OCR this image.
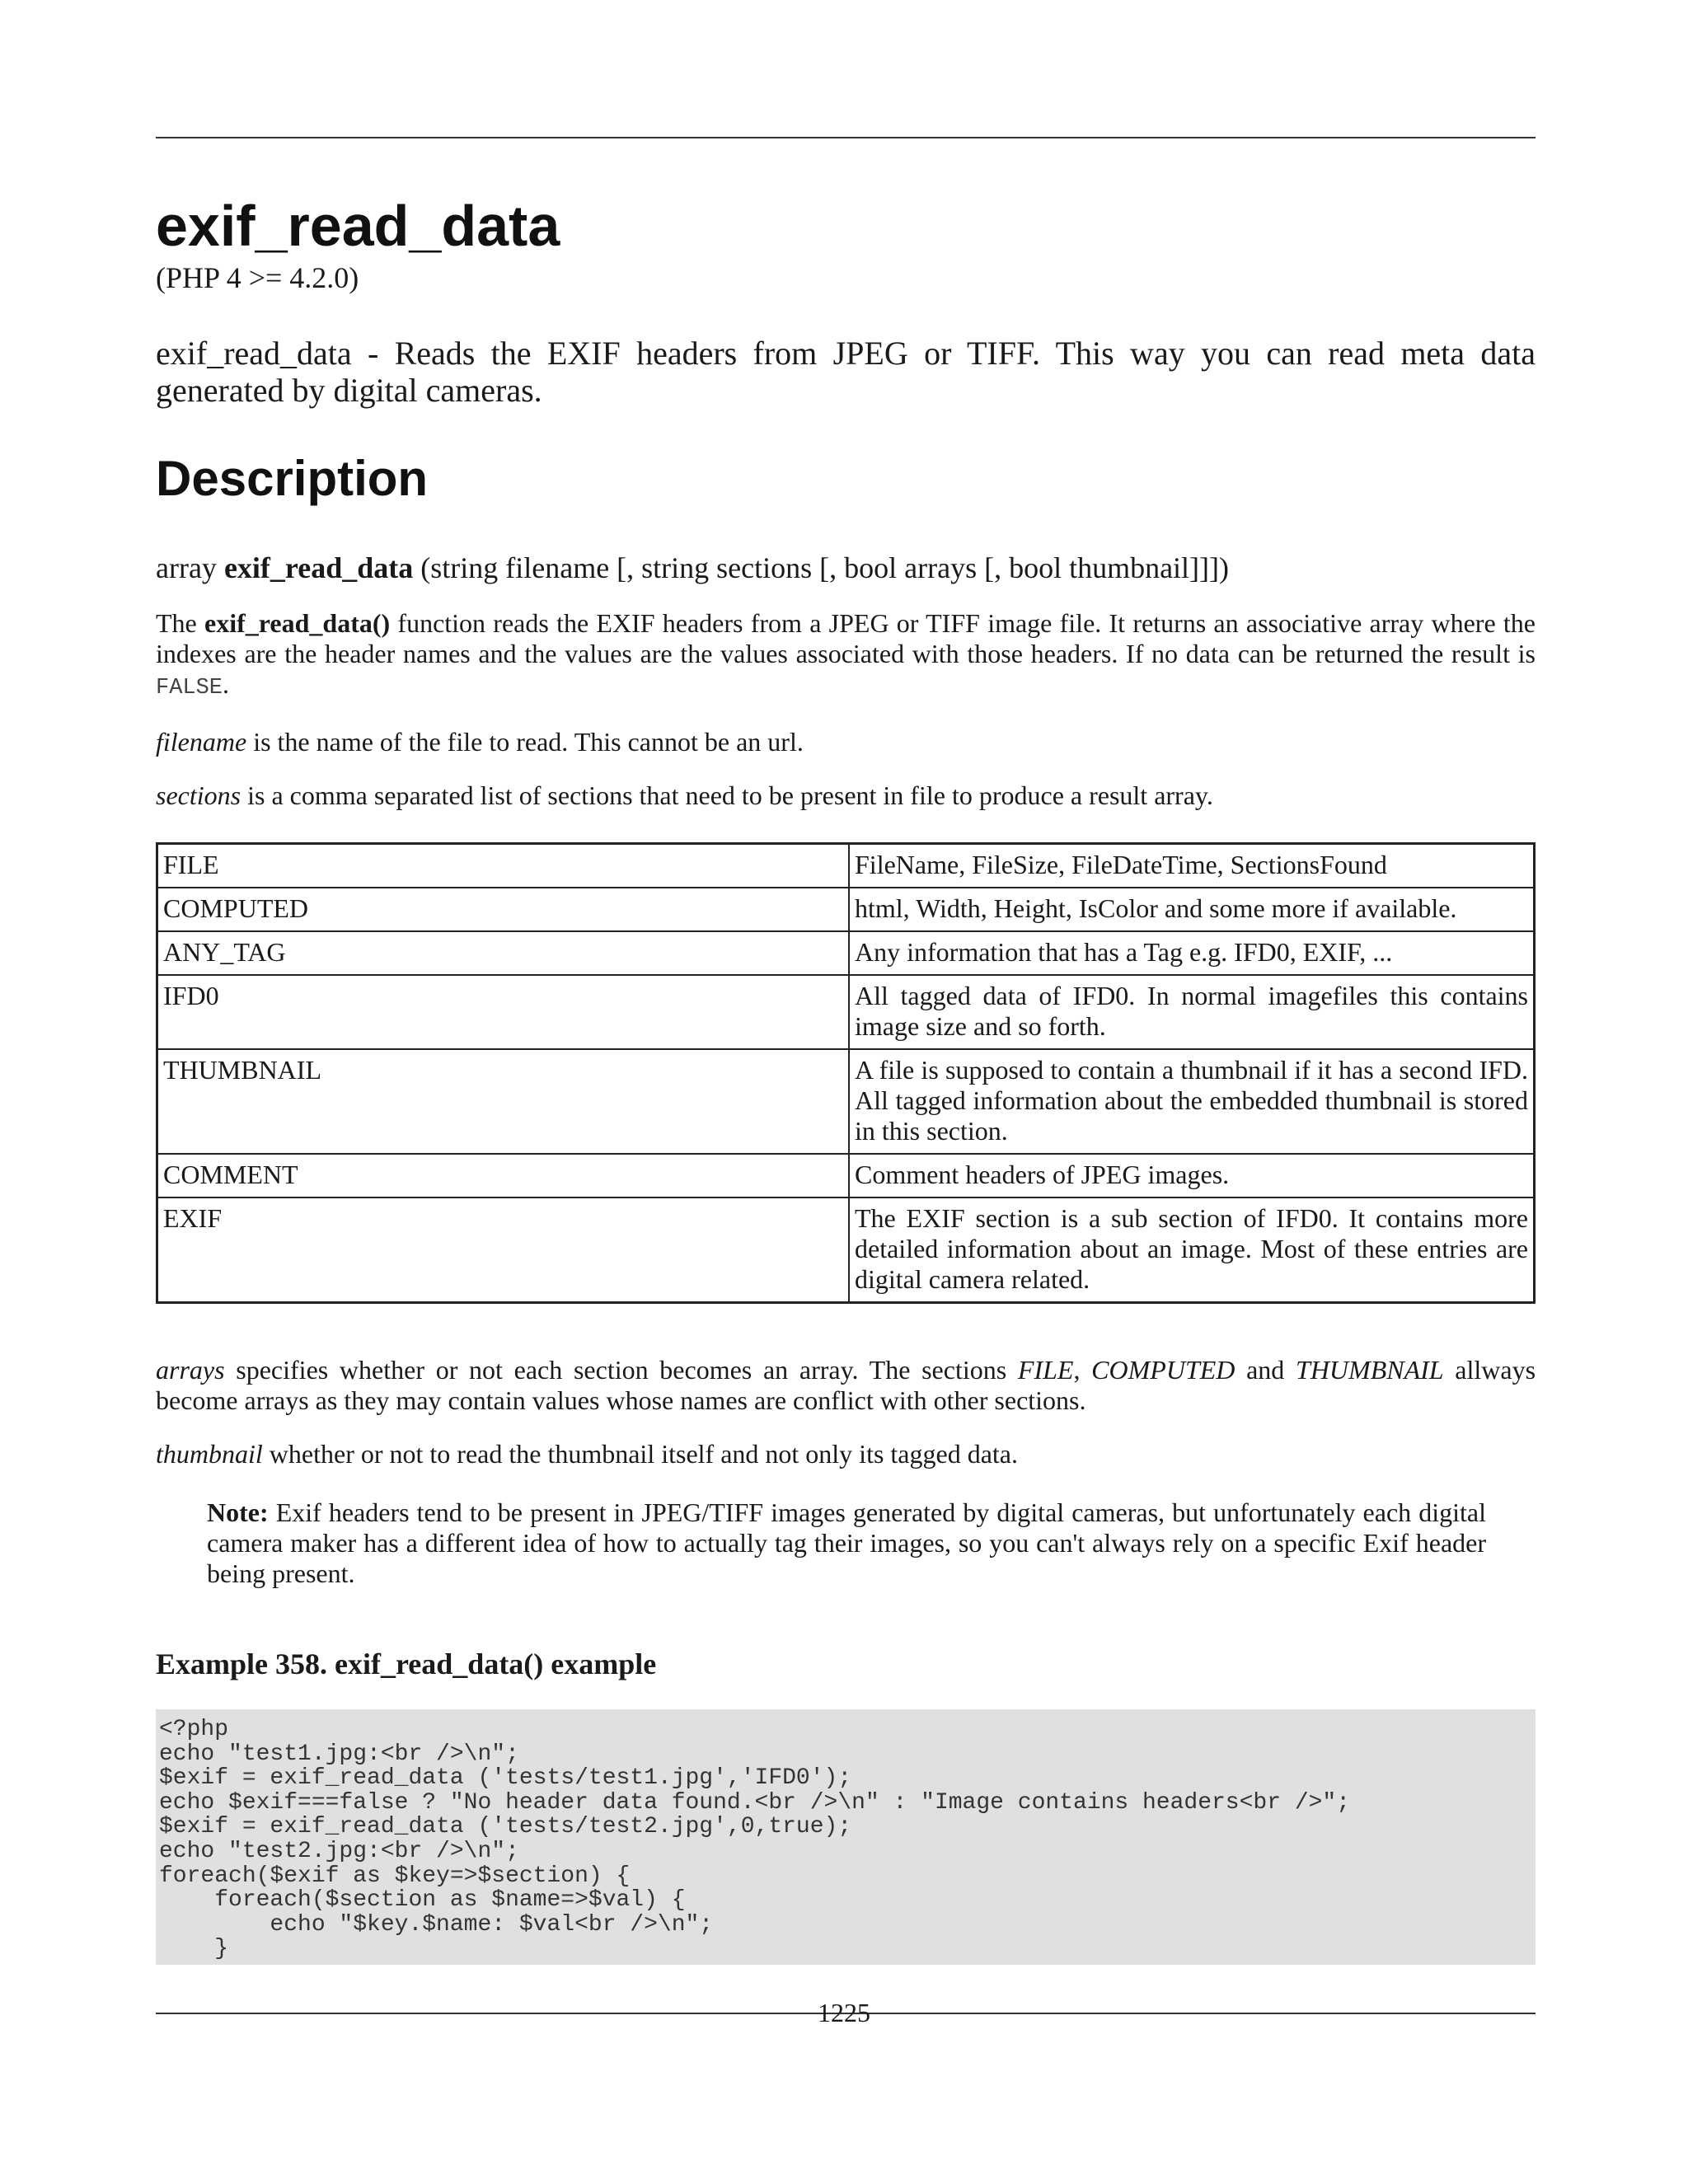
exif_read_data
(PHP 4 >= 4.2.0)

exif_read_data - Reads the EXIF headers from JPEG or TIFF. This way you can read meta data generated by digital cameras.

Description

array exif_read_data (string filename [, string sections [, bool arrays [, bool thumbnail]]])

The exif_read_data() function reads the EXIF headers from a JPEG or TIFF image file. It returns an associative array where the indexes are the header names and the values are the values associated with those headers. If no data can be returned the result is FALSE.

filename is the name of the file to read. This cannot be an url.

sections is a comma separated list of sections that need to be present in file to produce a result array.

FILE	FileName, FileSize, FileDateTime, SectionsFound
COMPUTED	html, Width, Height, IsColor and some more if available.
ANY_TAG	Any information that has a Tag e.g. IFD0, EXIF, ...
IFD0	All tagged data of IFD0. In normal imagefiles this contains image size and so forth.
THUMBNAIL	A file is supposed to contain a thumbnail if it has a second IFD. All tagged information about the embedded thumbnail is stored in this section.
COMMENT	Comment headers of JPEG images.
EXIF	The EXIF section is a sub section of IFD0. It contains more detailed information about an image. Most of these entries are digital camera related.

arrays specifies whether or not each section becomes an array. The sections FILE, COMPUTED and THUMBNAIL allways become arrays as they may contain values whose names are conflict with other sections.

thumbnail whether or not to read the thumbnail itself and not only its tagged data.

Note: Exif headers tend to be present in JPEG/TIFF images generated by digital cameras, but unfortunately each digital camera maker has a different idea of how to actually tag their images, so you can't always rely on a specific Exif header being present.
Example 358. exif_read_data() example
<?php
echo "test1.jpg:<br />\n";
$exif = exif_read_data ('tests/test1.jpg','IFD0');
echo $exif===false ? "No header data found.<br />\n" : "Image contains headers<br />";
$exif = exif_read_data ('tests/test2.jpg',0,true);
echo "test2.jpg:<br />\n";
foreach($exif as $key=>$section) {
foreach($section as $name=>$val) {
echo "$key.$name: $val<br />\n";
}
1225
